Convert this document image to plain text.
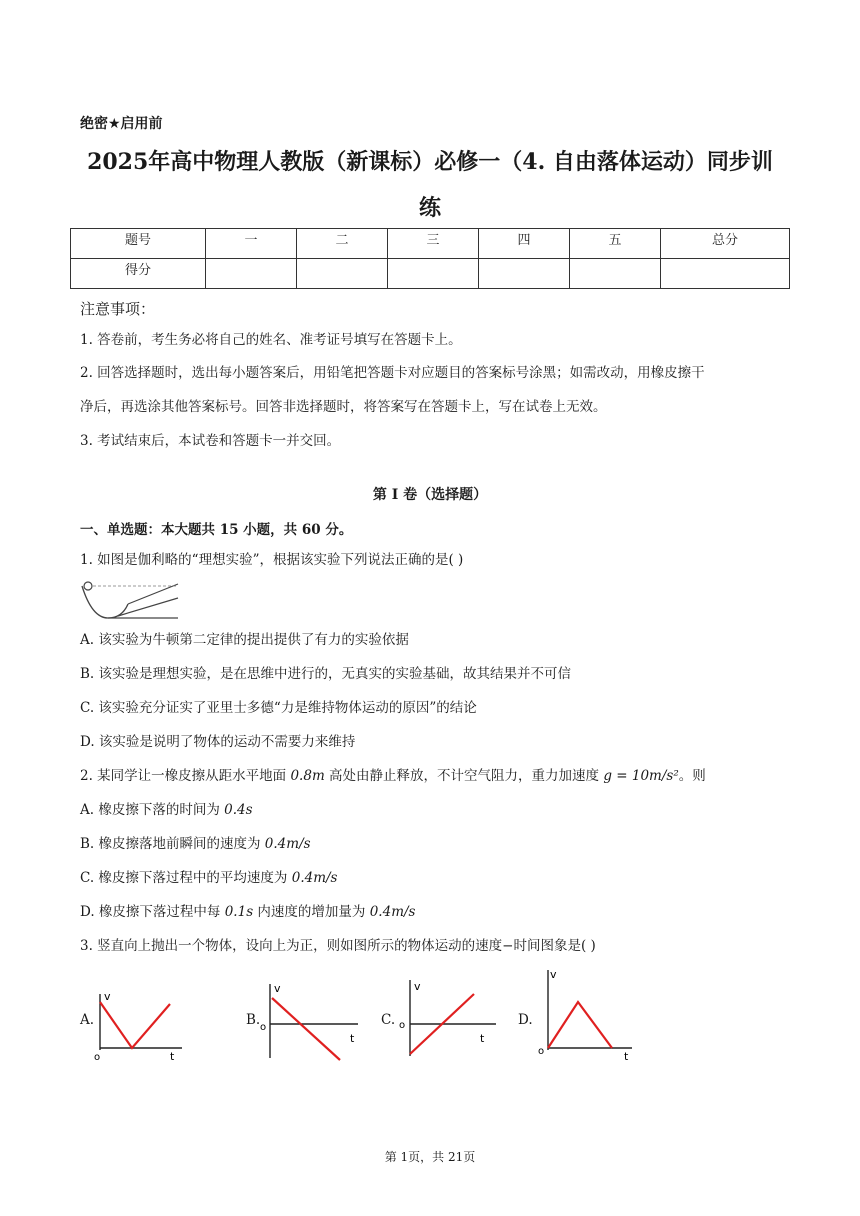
绝密★启用前
2025年高中物理人教版（新课标）必修一（4. 自由落体运动）同步训
练
题号	一	二	三	四	五	总分
得分						
注意事项：
1. 答卷前，考生务必将自己的姓名、准考证号填写在答题卡上。
2. 回答选择题时，选出每小题答案后，用铅笔把答题卡对应题目的答案标号涂黑；如需改动，用橡皮擦干
净后，再选涂其他答案标号。回答非选择题时，将答案写在答题卡上，写在试卷上无效。
3. 考试结束后，本试卷和答题卡一并交回。
第 I 卷（选择题）
一、单选题：本大题共 15 小题，共 60 分。
1. 如图是伽利略的“理想实验”，根据该实验下列说法正确的是( )
A. 该实验为牛顿第二定律的提出提供了有力的实验依据
B. 该实验是理想实验，是在思维中进行的，无真实的实验基础，故其结果并不可信
C. 该实验充分证实了亚里士多德“力是维持物体运动的原因”的结论
D. 该实验是说明了物体的运动不需要力来维持
2. 某同学让一橡皮擦从距水平地面 0.8m 高处由静止释放，不计空气阻力，重力加速度 g = 10m/s²。则
A. 橡皮擦下落的时间为 0.4s
B. 橡皮擦落地前瞬间的速度为 0.4m/s
C. 橡皮擦下落过程中的平均速度为 0.4m/s
D. 橡皮擦下落过程中每 0.1s 内速度的增加量为 0.4m/s
3. 竖直向上抛出一个物体，设向上为正，则如图所示的物体运动的速度−时间图象是( )
A.
v
t
o
B.
v
t
o	C.
v
t
o	D.
v
t
o
第 1页，共 21页
